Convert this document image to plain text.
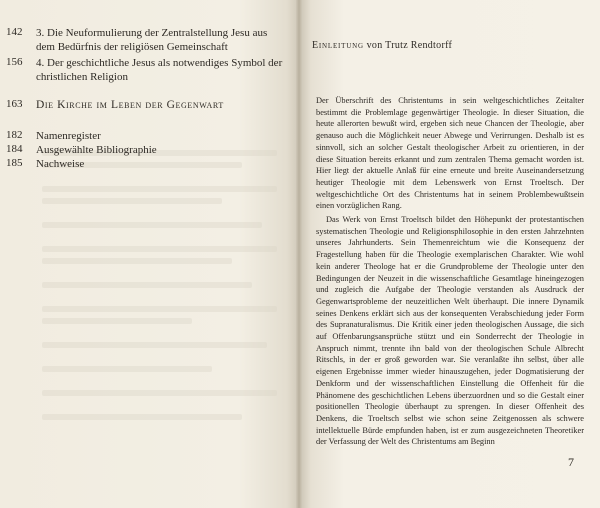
142 3. Die Neuformulierung der Zentralstellung Jesu aus dem Bedürfnis der religiösen Gemeinschaft
156 4. Der geschichtliche Jesus als notwendiges Symbol der christlichen Religion
163 Die Kirche im Leben der Gegenwart
182 Namenregister
184 Ausgewählte Bibliographie
185 Nachweise
Einleitung von Trutz Rendtorff

Der Überschrift des Christentums in sein weltgeschichtliches Zeitalter bestimmt die Problemlage gegenwärtiger Theologie. In dieser Situation, die heute allerorten bewußt wird, ergeben sich neue Chancen der Theologie, aber genauso auch die Möglichkeit neuer Abwege und Verirrungen. Deshalb ist es sinnvoll, sich an solcher Gestalt theologischer Arbeit zu orientieren, in der diese Situation bereits erkannt und zum zentralen Thema gemacht worden ist. Hier liegt der aktuelle Anlaß für eine erneute und breite Auseinandersetzung heutiger Theologie mit dem Lebenswerk von Ernst Troeltsch. Der weltgeschichtliche Ort des Christentums hat in seinem Problembewußtsein einen vorzüglichen Rang.

Das Werk von Ernst Troeltsch bildet den Höhepunkt der protestantischen systematischen Theologie und Religionsphilosophie in den ersten Jahrzehnten unseres Jahrhunderts. Sein Themenreichtum wie die Konsequenz der Fragestellung haben für die Theologie exemplarischen Charakter. Wie wohl kein anderer Theologe hat er die Grundprobleme der Theologie unter den Bedingungen der Neuzeit in die wissenschaftliche Gesamtlage hineingezogen und zugleich die Aufgabe der Theologie verstanden als Ausdruck der Gegenwartsprobleme der neuzeitlichen Welt überhaupt. Die innere Dynamik seines Denkens erklärt sich aus der konsequenten Verabschiedung jeder Form des Supranaturalismus. Die Kritik einer jeden theologischen Aussage, die sich auf Offenbarungsansprüche stützt und ein Sonderrecht der Theologie in Anspruch nimmt, trennte ihn bald von der theologischen Schule Albrecht Ritschls, in der er groß geworden war. Sie veranlaßte ihn selbst, über alle eigenen Ergebnisse immer wieder hinauszugehen, jeder Dogmatisierung der Denkform und der wissenschaftlichen Einstellung die Offenheit für die Phänomene des geschichtlichen Lebens überzuordnen und so die Gestalt einer positionellen Theologie überhaupt zu sprengen. In dieser Offenheit des Denkens, die Troeltsch selbst wie schon seine Zeitgenossen als schwere intellektuelle Bürde empfunden haben, ist er zum ausgezeichneten Theoretiker der Verfassung der Welt des Christentums am Beginn

7
